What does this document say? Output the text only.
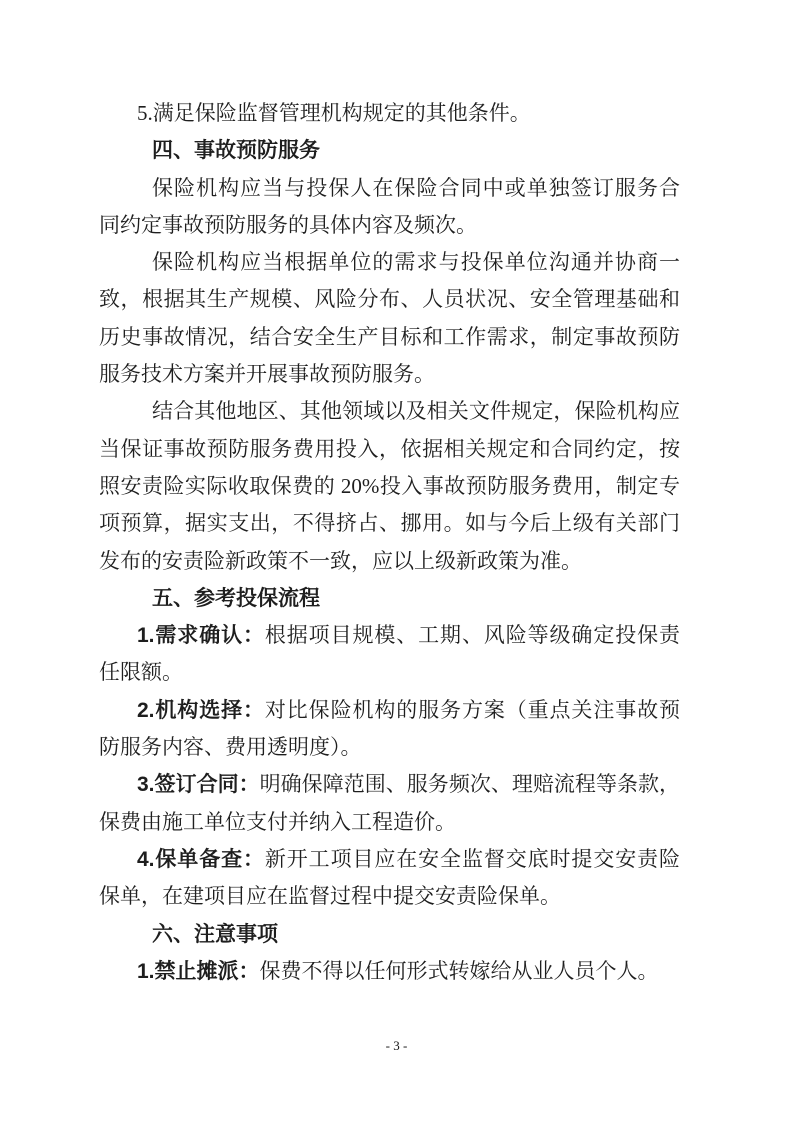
5.满足保险监督管理机构规定的其他条件。
四、事故预防服务
保险机构应当与投保人在保险合同中或单独签订服务合
同约定事故预防服务的具体内容及频次。
保险机构应当根据单位的需求与投保单位沟通并协商一
致，根据其生产规模、风险分布、人员状况、安全管理基础和
历史事故情况，结合安全生产目标和工作需求，制定事故预防
服务技术方案并开展事故预防服务。
结合其他地区、其他领域以及相关文件规定，保险机构应
当保证事故预防服务费用投入，依据相关规定和合同约定，按
照安责险实际收取保费的 20%投入事故预防服务费用，制定专
项预算，据实支出，不得挤占、挪用。如与今后上级有关部门
发布的安责险新政策不一致，应以上级新政策为准。
五、参考投保流程
1.需求确认：根据项目规模、工期、风险等级确定投保责
任限额。
2.机构选择：对比保险机构的服务方案（重点关注事故预
防服务内容、费用透明度）。
3.签订合同：明确保障范围、服务频次、理赔流程等条款，
保费由施工单位支付并纳入工程造价。
4.保单备查：新开工项目应在安全监督交底时提交安责险
保单，在建项目应在监督过程中提交安责险保单。
六、注意事项
1.禁止摊派：保费不得以任何形式转嫁给从业人员个人。
- 3 -
